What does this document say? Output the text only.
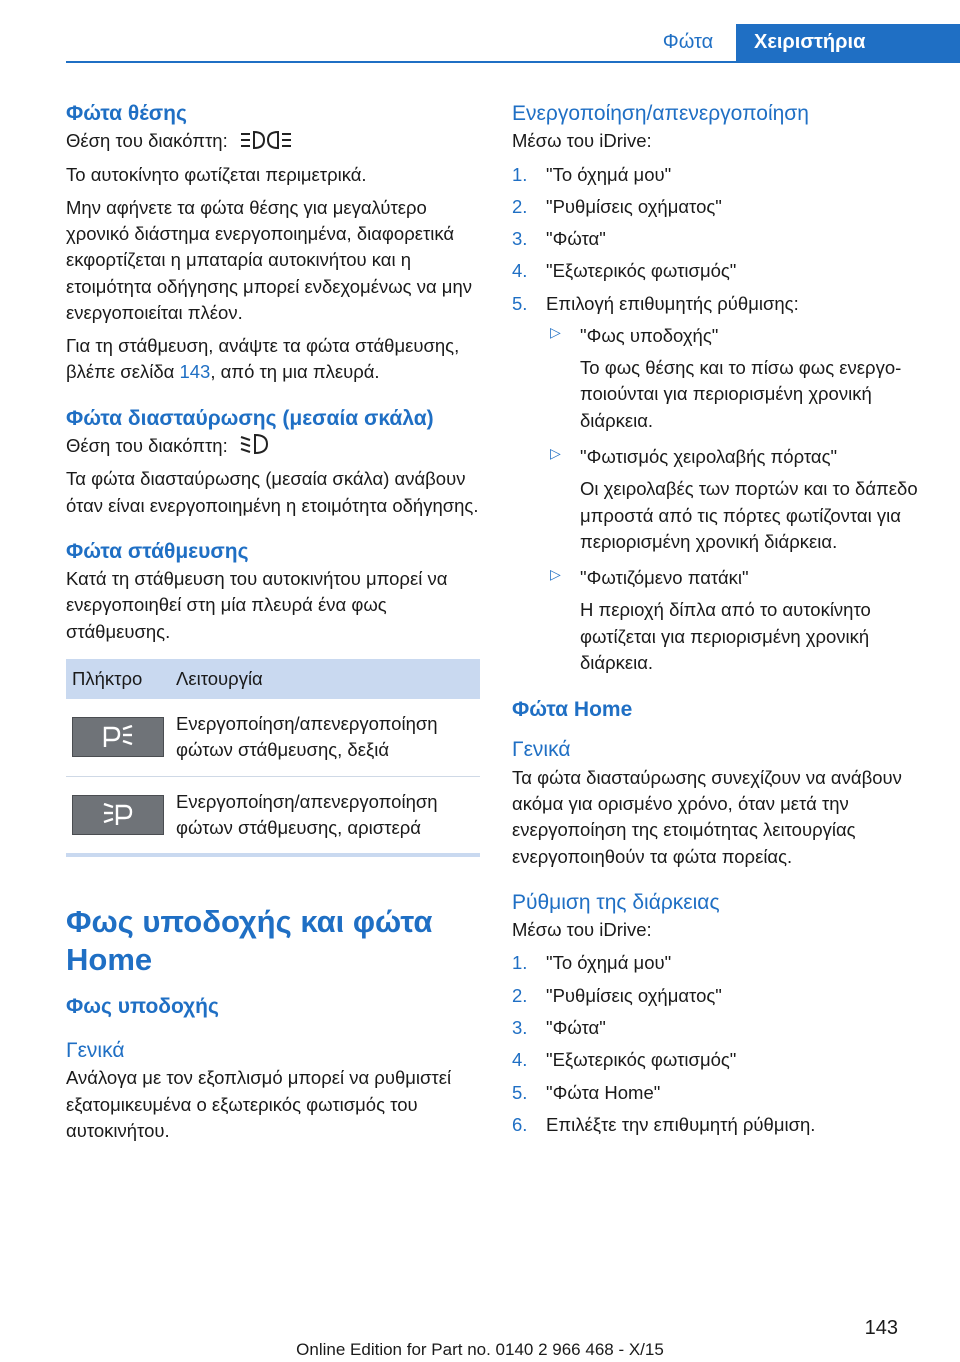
Φώτα	Χειριστήρια
Φώτα θέσης

Θέση του διακόπτη:

Το αυτοκίνητο φωτίζεται περιμετρικά.

Μην αφήνετε τα φώτα θέσης για μεγαλύτερο χρονικό διάστημα ενεργοποιημένα, διαφορετικά εκφορτίζεται η μπαταρία αυτοκινήτου και η ετοιμότητα οδήγησης μπορεί ενδεχομένως να μην ενεργοποιείται πλέον.

Για τη στάθμευση, ανάψτε τα φώτα στάθμευσης, βλέπε σελίδα 143, από τη μια πλευρά.

Φώτα διασταύρωσης (μεσαία σκάλα)

Θέση του διακόπτη:

Τα φώτα διασταύρωσης (μεσαία σκάλα) ανάβουν όταν είναι ενεργοποιημένη η ετοιμότητα οδήγησης.

Φώτα στάθμευσης

Κατά τη στάθμευση του αυτοκινήτου μπορεί να ενεργοποιηθεί στη μία πλευρά ένα φως στάθμευσης.

Πλήκτρο	Λειτουργία

	Ενεργοποίηση/απενεργοποίηση φώτων στάθμευσης, δεξιά

	Ενεργοποίηση/απενεργοποίηση φώτων στάθμευσης, αριστερά
Φως υποδοχής και φώτα Home
Φως υποδοχής
Γενικά

Ανάλογα με τον εξοπλισμό μπορεί να ρυθμιστεί εξατομικευμένα ο εξωτερικός φωτισμός του αυτοκινήτου.

Ενεργοποίηση/απενεργοποίηση

Μέσω του iDrive:

1. "Το όχημά μου"
2. "Ρυθμίσεις οχήματος"
3. "Φώτα"
4. "Εξωτερικός φωτισμός"
5. Επιλογή επιθυμητής ρύθμισης:
▷ "Φως υποδοχής"
Το φως θέσης και το πίσω φως ενεργοποιούνται για περιορισμένη χρονική διάρκεια.
▷ "Φωτισμός χειρολαβής πόρτας"
Οι χειρολαβές των πορτών και το δάπεδο μπροστά από τις πόρτες φωτίζονται για περιορισμένη χρονική διάρκεια.
▷ "Φωτιζόμενο πατάκι"
Η περιοχή δίπλα από το αυτοκίνητο φωτίζεται για περιορισμένη χρονική διάρκεια.
Φώτα Home
Γενικά

Τα φώτα διασταύρωσης συνεχίζουν να ανάβουν ακόμα για ορισμένο χρόνο, όταν μετά την ενεργοποίηση της ετοιμότητας λειτουργίας ενεργοποιηθούν τα φώτα πορείας.

Ρύθμιση της διάρκειας

Μέσω του iDrive:

1. "Το όχημά μου"
2. "Ρυθμίσεις οχήματος"
3. "Φώτα"
4. "Εξωτερικός φωτισμός"
5. "Φώτα Home"
6. Επιλέξτε την επιθυμητή ρύθμιση.
143
Online Edition for Part no. 0140 2 966 468 - X/15
